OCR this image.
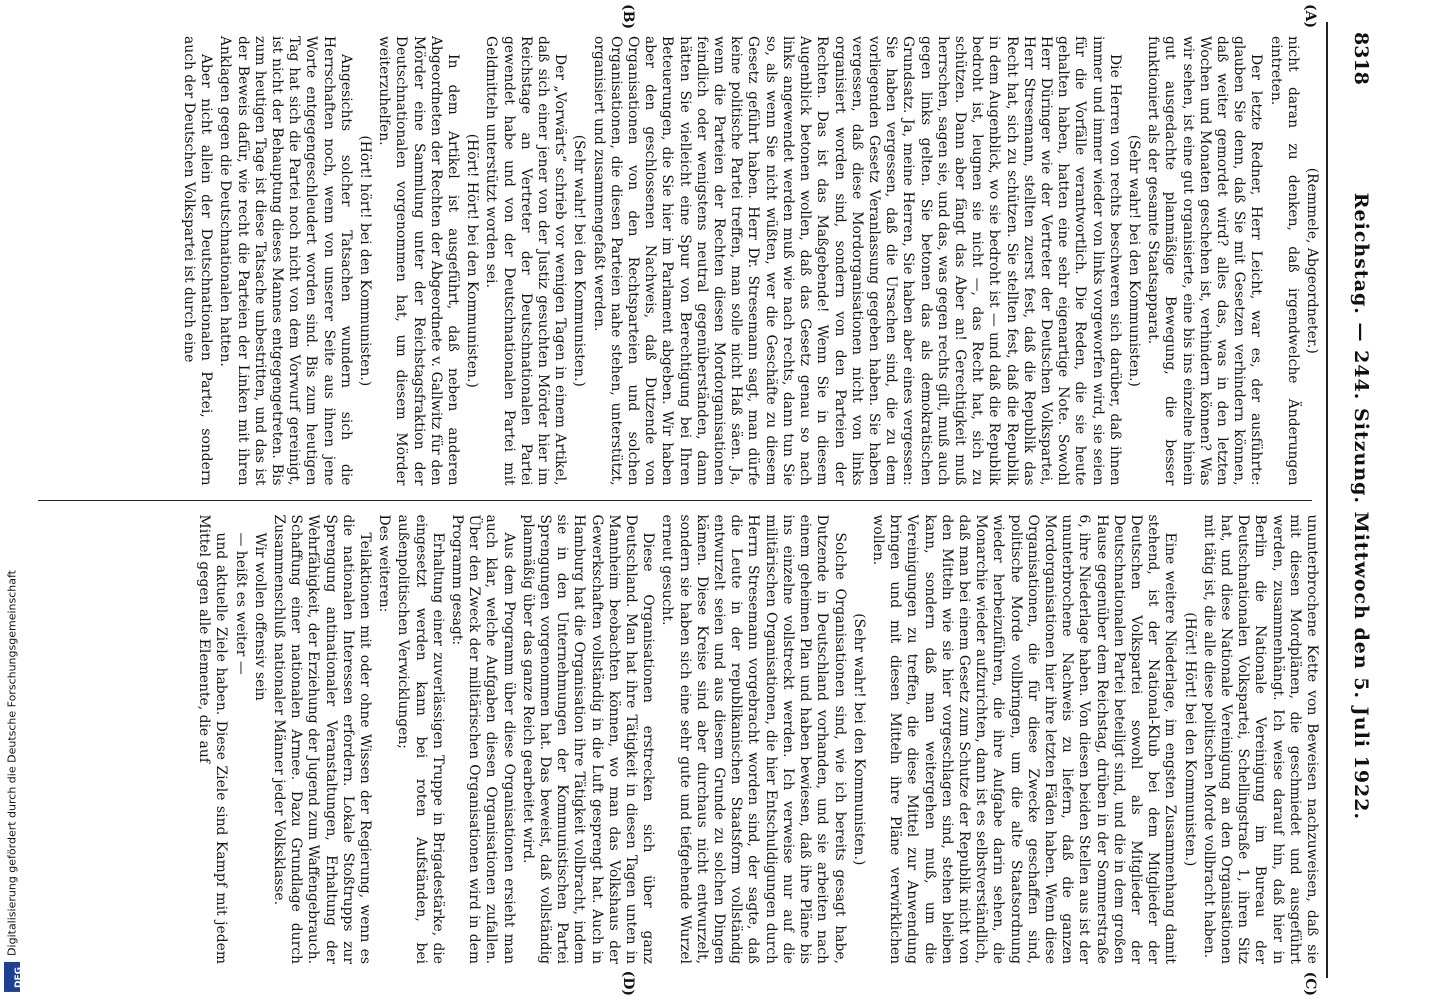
8318
Reichstag. — 244. Sitzung. Mittwoch den 5. Juli 1922.
(A)
(B)
(C)
(D)

(Remmele, Abgeordneter.)

nicht daran zu denken, daß irgendwelche Änderungen eintreten.

Der letzte Redner, Herr Leicht, war es, der ausführte: glauben Sie denn, daß Sie mit Gesetzen verhindern können, daß weiter gemordet wird? alles das, was in den letzten Wochen und Monaten geschehen ist, verhindern können? Was wir sehen, ist eine gut organisierte, eine bis ins einzelne hinein gut ausgedachte planmäßige Bewegung, die besser funktioniert als der gesamte Staatsapparat.

(Sehr wahr! bei den Kommunisten.)

Die Herren von rechts beschweren sich darüber, daß ihnen immer und immer wieder von links vorgeworfen wird, sie seien für die Vorfälle verantwortlich. Die Reden, die sie heute gehalten haben, hatten eine sehr eigenartige Note. Sowohl Herr Düringer wie der Vertreter der Deutschen Volkspartei, Herr Stresemann, stellten zuerst fest, daß die Republik das Recht hat, sich zu schützen. Sie stellten fest, daß die Republik in dem Augenblick, wo sie bedroht ist — und daß die Republik bedroht ist, leugnen sie nicht —, das Recht hat, sich zu schützen. Dann aber fängt das Aber an! Gerechtigkeit muß herrschen, sagen sie, und das, was gegen rechts gilt, muß auch gegen links gelten. Sie betonen das als demokratischen Grundsatz. Ja, meine Herren, Sie haben aber eines vergessen: Sie haben vergessen, daß die Ursachen sind, die zu dem vorliegenden Gesetz Veranlassung gegeben haben. Sie haben vergessen, daß diese Mordorganisationen nicht von links organisiert worden sind, sondern von den Parteien der Rechten. Das ist das Maßgebende! Wenn Sie in diesem Augenblick betonen wollen, daß das Gesetz genau so nach links angewendet werden muß wie nach rechts, dann tun Sie so, als wenn Sie nicht wüßten, wer die Geschäfte zu diesem Gesetz geführt haben. Herr Dr. Stresemann sagt, man dürfe keine politische Partei treffen, man solle nicht Haß säen. Ja, wenn die Parteien der Rechten diesen Mordorganisationen feindlich oder wenigstens neutral gegenüberständen, dann hätten Sie vielleicht eine Spur von Berechtigung bei Ihren Beteuerungen, die Sie hier im Parlament abgeben. Wir haben aber den geschlossenen Nachweis, daß Dutzende von Organisationen von den Rechtsparteien und solchen Organisationen, die diesen Parteien nahe stehen, unterstützt, organisiert und zusammengefaßt werden.

(Sehr wahr! bei den Kommunisten.)

Der „Vorwärts“ schrieb vor wenigen Tagen in einem Artikel, daß sich einer jener von der Justiz gesuchten Mörder hier im Reichstage an Vertreter der Deutschnationalen Partei gewendet habe und von der Deutschnationalen Partei mit Geldmitteln unterstützt worden sei.

(Hört! Hört! bei den Kommunisten.)

In dem Artikel ist ausgeführt, daß neben anderen Abgeordneten der Rechten der Abgeordnete v. Gallwitz für den Mörder eine Sammlung unter der Reichstagsfraktion der Deutschnationalen vorgenommen hat, um diesem Mörder weiterzuhelfen.

(Hört! hört! bei den Kommunisten.)

Angesichts solcher Tatsachen wundern sich die Herrschaften noch, wenn von unserer Seite aus ihnen jene Worte entgegengeschleudert worden sind. Bis zum heutigen Tag hat sich die Partei noch nicht von dem Vorwurf gereinigt, ist nicht der Behauptung dieses Mannes entgegengetreten. Bis zum heutigen Tage ist diese Tatsache unbestritten, und das ist der Beweis dafür, wie recht die Parteien der Linken mit ihren Anklagen gegen die Deutschnationalen hatten.

Aber nicht allein der Deutschnationalen Partei, sondern auch der Deutschen Volkspartei ist durch eine

ununterbrochene Kette von Beweisen nachzuweisen, daß sie mit diesen Mordplänen, die geschmiedet und ausgeführt werden, zusammenhängt. Ich weise darauf hin, daß hier in Berlin die Nationale Vereinigung im Bureau der Deutschnationalen Volkspartei, Schellingstraße 1, ihren Sitz hat, und diese Nationale Vereinigung an den Organisationen mit tätig ist, die alle diese politischen Morde vollbracht haben.

(Hört! Hört! bei den Kommunisten.)

Eine weitere Niederlage, im engsten Zusammenhang damit stehend, ist der National-Klub bei dem Mitglieder der Deutschen Volkspartei sowohl als Mitglieder der Deutschnationalen Partei beteiligt sind, und die in dem großen Hause gegenüber dem Reichstag, drüben in der Sommerstraße 6, ihre Niederlage haben. Von diesen beiden Stellen aus ist der ununterbrochene Nachweis zu liefern, daß die ganzen Mordorganisationen hier ihre letzten Fäden haben. Wenn diese Organisationen, die für diese Zwecke geschaffen sind, politische Morde vollbringen, um die alte Staatsordnung wieder herbeizuführen, die ihre Aufgabe darin sehen, die Monarchie wieder aufzurichten, dann ist es selbstverständlich, daß man bei einem Gesetz zum Schutze der Republik nicht von den Mitteln wie sie hier vorgeschlagen sind, stehen bleiben kann, sondern daß man weitergehen muß, um die Vereinigungen zu treffen, die diese Mittel zur Anwendung bringen und mit diesen Mitteln ihre Pläne verwirklichen wollen.

(Sehr wahr! bei den Kommunisten.)

Solche Organisationen sind, wie ich bereits gesagt habe, Dutzende in Deutschland vorhanden, und sie arbeiten nach einem geheimen Plan und haben bewiesen, daß ihre Pläne bis ins einzelne vollstreckt werden. Ich verweise nur auf die militärischen Organisationen, die hier Entschuldigungen durch Herrn Stresemann vorgebracht worden sind, der sagte, daß die Leute in der republikanischen Staatsform vollständig entwurzelt seien und aus diesem Grunde zu solchen Dingen kämen. Diese Kreise sind aber durchaus nicht entwurzelt, sondern sie haben sich eine sehr gute und tiefgehende Wurzel erneut gesucht.

Diese Organisationen erstrecken sich über ganz Deutschland. Man hat ihre Tätigkeit in diesen Tagen unten in Mannheim beobachten können, wo man das Volkshaus der Gewerkschaften vollständig in die Luft gesprengt hat. Auch in Hamburg hat die Organisation ihre Tätigkeit vollbracht, indem sie in den Unternehmungen der Kommunistischen Partei Sprengungen vorgenommen hat. Das beweist, daß vollständig planmäßig über das ganze Reich gearbeitet wird.

Aus dem Programm über diese Organisationen ersieht man auch klar, welche Aufgaben diesen Organisationen zufallen. Über den Zweck der militärischen Organisationen wird in dem Programm gesagt:

Erhaltung einer zuverlässigen Truppe in Brigadestärke, die eingesetzt werden kann bei roten Aufständen, bei außenpolitischen Verwicklungen;

Des weiteren:

Teilaktionen mit oder ohne Wissen der Regierung, wenn es die nationalen Interessen erfordern. Lokale Stoßtrupps zur Sprengung antinationaler Veranstaltungen, Erhaltung der Wehrfähigkeit, der Erziehung der Jugend zum Waffengebrauch. Schaffung einer nationalen Armee. Dazu Grundlage durch Zusammenschluß nationaler Männer jeder Volksklasse.

Wir wollen offensiv sein

— heißt es weiter —

und aktuelle Ziele haben. Diese Ziele sind Kampf mit jedem Mittel gegen alle Elemente, die auf

DFG
Digitalisierung gefördert durch die Deutsche Forschungsgemeinschaft
